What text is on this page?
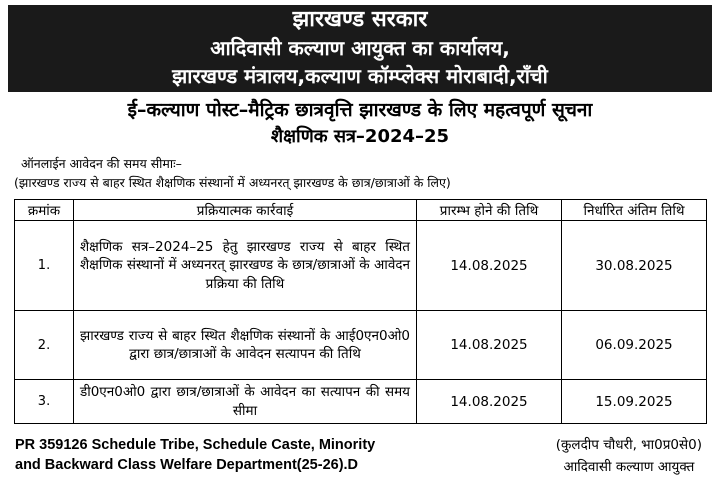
झारखण्ड सरकार
आदिवासी कल्याण आयुक्त का कार्यालय,
झारखण्ड मंत्रालय,कल्याण कॉम्प्लेक्स मोराबादी,राँची
ई–कल्याण पोस्ट–मैट्रिक छात्रवृत्ति झारखण्ड के लिए महत्वपूर्ण सूचना
शैक्षणिक सत्र–2024–25
ऑनलाईन आवेदन की समय सीमाः–
(झारखण्ड राज्य से बाहर स्थित शैक्षणिक संस्थानों में अध्यनरत् झारखण्ड के छात्र/छात्राओं के लिए)
क्रमांक	प्रक्रियात्मक कार्रवाई	प्रारम्भ होने की तिथि	निर्धारित अंतिम तिथि
1.	शैक्षणिक सत्र–2024–25 हेतु झारखण्ड राज्य से बाहर स्थित शैक्षणिक संस्थानों में अध्यनरत् झारखण्ड के छात्र/छात्राओं के आवेदन प्रक्रिया की तिथि	14.08.2025	30.08.2025
2.	झारखण्ड राज्य से बाहर स्थित शैक्षणिक संस्थानों के आई0एन0ओ0 द्वारा छात्र/छात्राओं के आवेदन सत्यापन की तिथि	14.08.2025	06.09.2025
3.	डी0एन0ओ0 द्वारा छात्र/छात्राओं के आवेदन का सत्यापन की समय सीमा	14.08.2025	15.09.2025
PR 359126 Schedule Tribe, Schedule Caste, Minority
and Backward Class Welfare Department(25-26).D
(कुलदीप चौधरी, भा0प्र0से0)
आदिवासी कल्याण आयुक्त
